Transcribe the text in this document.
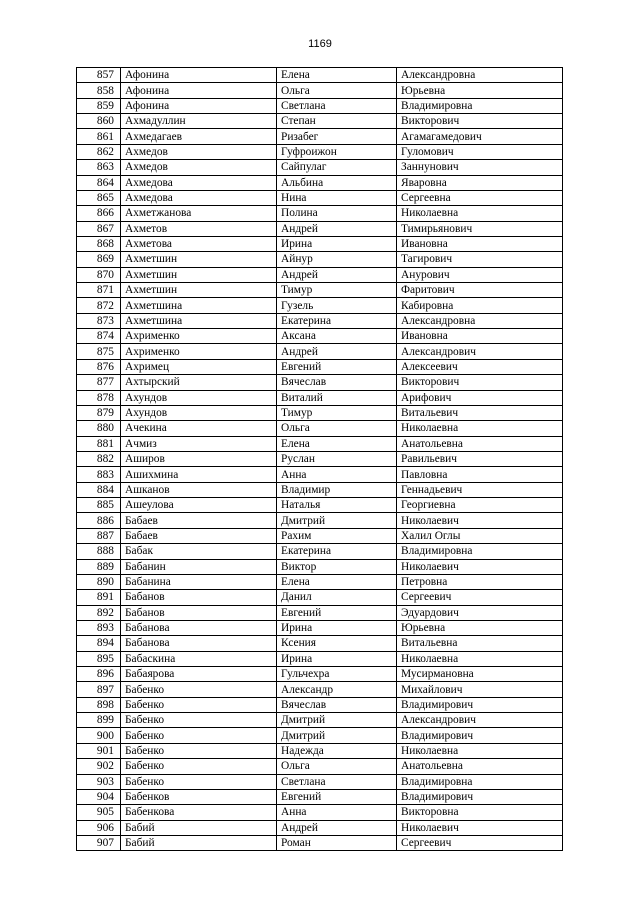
1169
857	Афонина	Елена	Александровна
858	Афонина	Ольга	Юрьевна
859	Афонина	Светлана	Владимировна
860	Ахмадуллин	Степан	Викторович
861	Ахмедагаев	Ризабег	Агамагамедович
862	Ахмедов	Гуфроижон	Гуломович
863	Ахмедов	Сайпулаг	Заннунович
864	Ахмедова	Альбина	Яваровна
865	Ахмедова	Нина	Сергеевна
866	Ахметжанова	Полина	Николаевна
867	Ахметов	Андрей	Тимирьянович
868	Ахметова	Ирина	Ивановна
869	Ахметшин	Айнур	Тагирович
870	Ахметшин	Андрей	Анурович
871	Ахметшин	Тимур	Фаритович
872	Ахметшина	Гузель	Кабировна
873	Ахметшина	Екатерина	Александровна
874	Ахрименко	Аксана	Ивановна
875	Ахрименко	Андрей	Александрович
876	Ахримец	Евгений	Алексеевич
877	Ахтырский	Вячеслав	Викторович
878	Ахундов	Виталий	Арифович
879	Ахундов	Тимур	Витальевич
880	Ачекина	Ольга	Николаевна
881	Ачмиз	Елена	Анатольевна
882	Аширов	Руслан	Равильевич
883	Ашихмина	Анна	Павловна
884	Ашканов	Владимир	Геннадьевич
885	Ашеулова	Наталья	Георгиевна
886	Бабаев	Дмитрий	Николаевич
887	Бабаев	Рахим	Халил Оглы
888	Бабак	Екатерина	Владимировна
889	Бабанин	Виктор	Николаевич
890	Бабанина	Елена	Петровна
891	Бабанов	Данил	Сергеевич
892	Бабанов	Евгений	Эдуардович
893	Бабанова	Ирина	Юрьевна
894	Бабанова	Ксения	Витальевна
895	Бабаскина	Ирина	Николаевна
896	Бабаярова	Гульчехра	Мусирмановна
897	Бабенко	Александр	Михайлович
898	Бабенко	Вячеслав	Владимирович
899	Бабенко	Дмитрий	Александрович
900	Бабенко	Дмитрий	Владимирович
901	Бабенко	Надежда	Николаевна
902	Бабенко	Ольга	Анатольевна
903	Бабенко	Светлана	Владимировна
904	Бабенков	Евгений	Владимирович
905	Бабенкова	Анна	Викторовна
906	Бабий	Андрей	Николаевич
907	Бабий	Роман	Сергеевич
